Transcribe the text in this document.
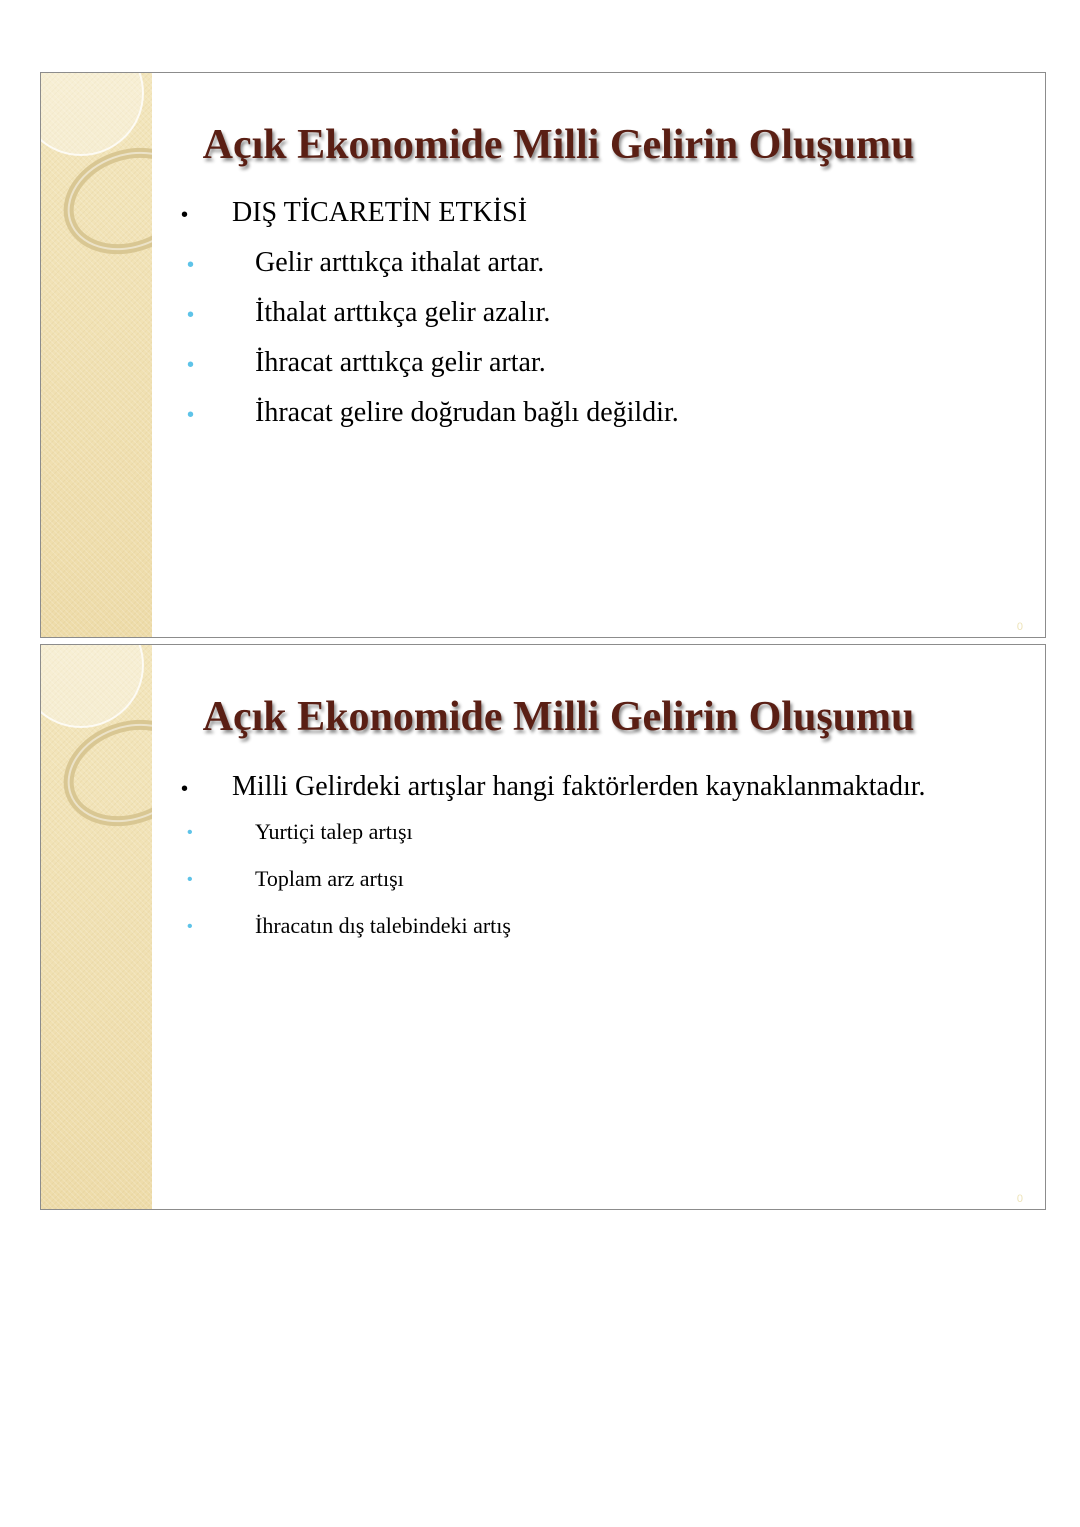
Açık Ekonomide Milli Gelirin Oluşumu
• DIŞ TİCARETİN ETKİSİ
• Gelir arttıkça ithalat artar.
• İthalat arttıkça gelir azalır.
• İhracat arttıkça gelir artar.
• İhracat gelire doğrudan bağlı değildir.
0
Açık Ekonomide Milli Gelirin Oluşumu
• Milli Gelirdeki artışlar hangi faktörlerden kaynaklanmaktadır.
•	Yurtiçi talep artışı
•	Toplam arz artışı
•	İhracatın dış talebindeki artış
0
